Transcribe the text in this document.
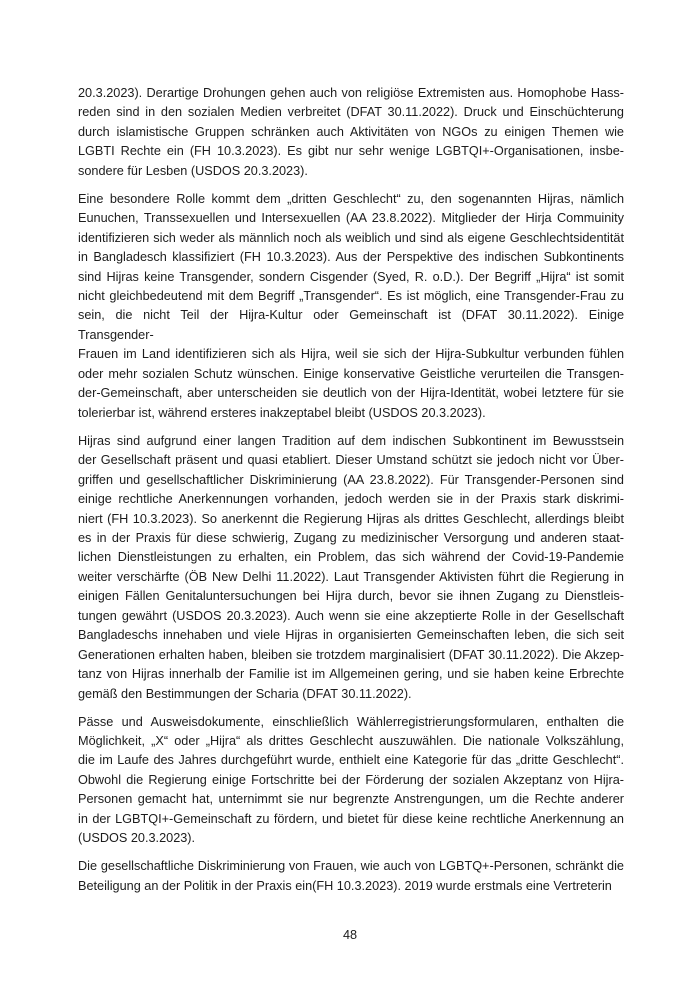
20.3.2023). Derartige Drohungen gehen auch von religiöse Extremisten aus. Homophobe Hass-
reden sind in den sozialen Medien verbreitet (DFAT 30.11.2022). Druck und Einschüchterung
durch islamistische Gruppen schränken auch Aktivitäten von NGOs zu einigen Themen wie
LGBTI Rechte ein (FH 10.3.2023). Es gibt nur sehr wenige LGBTQI+-Organisationen, insbe-
sondere für Lesben (USDOS 20.3.2023).
Eine besondere Rolle kommt dem „dritten Geschlecht“ zu, den sogenannten Hijras, nämlich
Eunuchen, Transsexuellen und Intersexuellen (AA 23.8.2022). Mitglieder der Hirja Commuinity
identifizieren sich weder als männlich noch als weiblich und sind als eigene Geschlechtsidentität
in Bangladesch klassifiziert (FH 10.3.2023). Aus der Perspektive des indischen Subkontinents
sind Hijras keine Transgender, sondern Cisgender (Syed, R. o.D.). Der Begriff „Hijra“ ist somit
nicht gleichbedeutend mit dem Begriff „Transgender“. Es ist möglich, eine Transgender-Frau zu
sein, die nicht Teil der Hijra-Kultur oder Gemeinschaft ist (DFAT 30.11.2022). Einige Transgender-
Frauen im Land identifizieren sich als Hijra, weil sie sich der Hijra-Subkultur verbunden fühlen
oder mehr sozialen Schutz wünschen. Einige konservative Geistliche verurteilen die Transgen-
der-Gemeinschaft, aber unterscheiden sie deutlich von der Hijra-Identität, wobei letztere für sie
tolerierbar ist, während ersteres inakzeptabel bleibt (USDOS 20.3.2023).
Hijras sind aufgrund einer langen Tradition auf dem indischen Subkontinent im Bewusstsein
der Gesellschaft präsent und quasi etabliert. Dieser Umstand schützt sie jedoch nicht vor Über-
griffen und gesellschaftlicher Diskriminierung (AA 23.8.2022). Für Transgender-Personen sind
einige rechtliche Anerkennungen vorhanden, jedoch werden sie in der Praxis stark diskrimi-
niert (FH 10.3.2023). So anerkennt die Regierung Hijras als drittes Geschlecht, allerdings bleibt
es in der Praxis für diese schwierig, Zugang zu medizinischer Versorgung und anderen staat-
lichen Dienstleistungen zu erhalten, ein Problem, das sich während der Covid-19-Pandemie
weiter verschärfte (ÖB New Delhi 11.2022). Laut Transgender Aktivisten führt die Regierung in
einigen Fällen Genitaluntersuchungen bei Hijra durch, bevor sie ihnen Zugang zu Dienstleis-
tungen gewährt (USDOS 20.3.2023). Auch wenn sie eine akzeptierte Rolle in der Gesellschaft
Bangladeschs innehaben und viele Hijras in organisierten Gemeinschaften leben, die sich seit
Generationen erhalten haben, bleiben sie trotzdem marginalisiert (DFAT 30.11.2022). Die Akzep-
tanz von Hijras innerhalb der Familie ist im Allgemeinen gering, und sie haben keine Erbrechte
gemäß den Bestimmungen der Scharia (DFAT 30.11.2022).
Pässe und Ausweisdokumente, einschließlich Wählerregistrierungsformularen, enthalten die
Möglichkeit, „X“ oder „Hijra“ als drittes Geschlecht auszuwählen. Die nationale Volkszählung,
die im Laufe des Jahres durchgeführt wurde, enthielt eine Kategorie für das „dritte Geschlecht“.
Obwohl die Regierung einige Fortschritte bei der Förderung der sozialen Akzeptanz von Hijra-
Personen gemacht hat, unternimmt sie nur begrenzte Anstrengungen, um die Rechte anderer
in der LGBTQI+-Gemeinschaft zu fördern, und bietet für diese keine rechtliche Anerkennung an
(USDOS 20.3.2023).
Die gesellschaftliche Diskriminierung von Frauen, wie auch von LGBTQ+-Personen, schränkt die
Beteiligung an der Politik in der Praxis ein(FH 10.3.2023). 2019 wurde erstmals eine Vertreterin
48
